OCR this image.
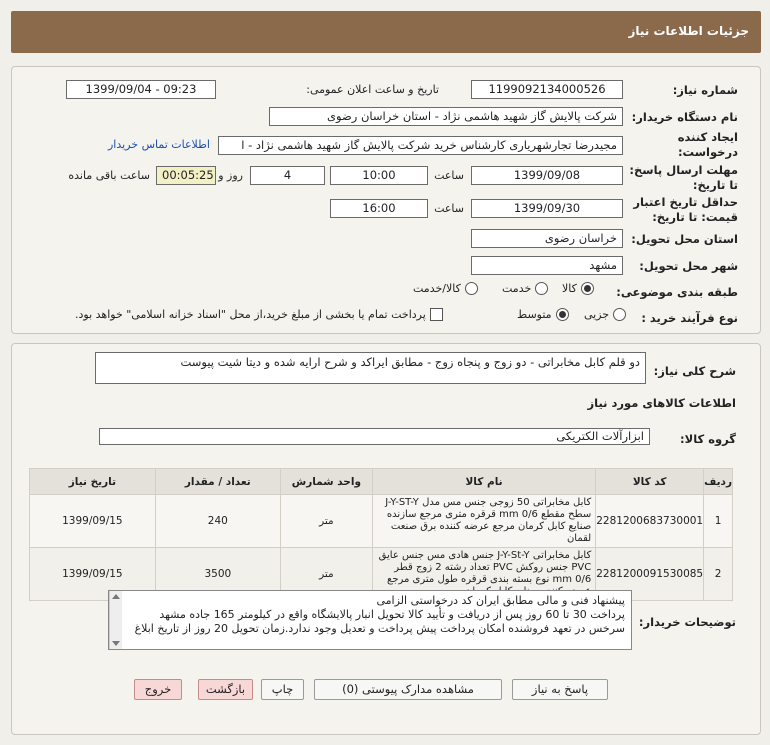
جزئیات اطلاعات نیاز
شماره نیاز:
1199092134000526
تاریخ و ساعت اعلان عمومی:
1399/09/04 - 09:23
نام دستگاه خریدار:
شرکت پالایش گاز شهید هاشمی نژاد - استان خراسان رضوی
ایجاد کننده درخواست:
مجیدرضا تجارشهریاری کارشناس خرید شرکت پالایش گاز شهید هاشمی نژاد - ا
اطلاعات تماس خریدار
مهلت ارسال پاسخ: تا تاریخ:
1399/09/08
ساعت
10:00
4
روز و
00:05:25
ساعت باقی مانده
حداقل تاریخ اعتبار قیمت: تا تاریخ:
1399/09/30
ساعت
16:00
استان محل تحویل:
خراسان رضوی
شهر محل تحویل:
مشهد
طبقه بندی موضوعی:
کالا
خدمت
کالا/خدمت
نوع فرآیند خرید :
جزیی
متوسط
پرداخت تمام یا بخشی از مبلغ خرید،از محل "اسناد خزانه اسلامی" خواهد بود.
شرح کلی نیاز:
دو قلم کابل مخابراتی - دو زوج و پنجاه زوج - مطابق ایراکد و شرح ارایه شده و دیتا شیت پیوست
اطلاعات کالاهای مورد نیاز
گروه کالا:
ابزارآلات الکتریکی
ردیف	کد کالا	نام کالا	واحد شمارش	تعداد / مقدار	تاریخ نیاز
1	2281200683730001	کابل مخابراتی 50 زوجی جنس مس مدل J-Y-ST-Y سطح مقطع mm 0/6 قرقره متری مرجع سازنده صنایع کابل کرمان مرجع عرضه کننده برق صنعت لقمان	متر	240	1399/09/15
2	2281200091530085	کابل مخابراتی J-Y-St-Y جنس هادی مس جنس عایق PVC جنس روکش PVC تعداد رشته 2 زوج قطر mm 0/6 نوع بسته بندی قرقره طول متری مرجع	متر	3500	1399/09/15
توضیحات خریدار:
پیشنهاد فنی و مالی مطابق ایران کد درخواستی الزامی
پرداخت 30 تا 60 روز پس از دریافت و تأیید کالا تحویل انبار پالایشگاه واقع در کیلومتر 165 جاده مشهد سرخس در تعهد فروشنده امکان پرداخت پیش پرداخت و تعدیل وجود ندارد.زمان تحویل 20 روز از تاریخ ابلاغ
پاسخ به نیاز
مشاهده مدارک پیوستی (0)
چاپ
بازگشت
خروج
